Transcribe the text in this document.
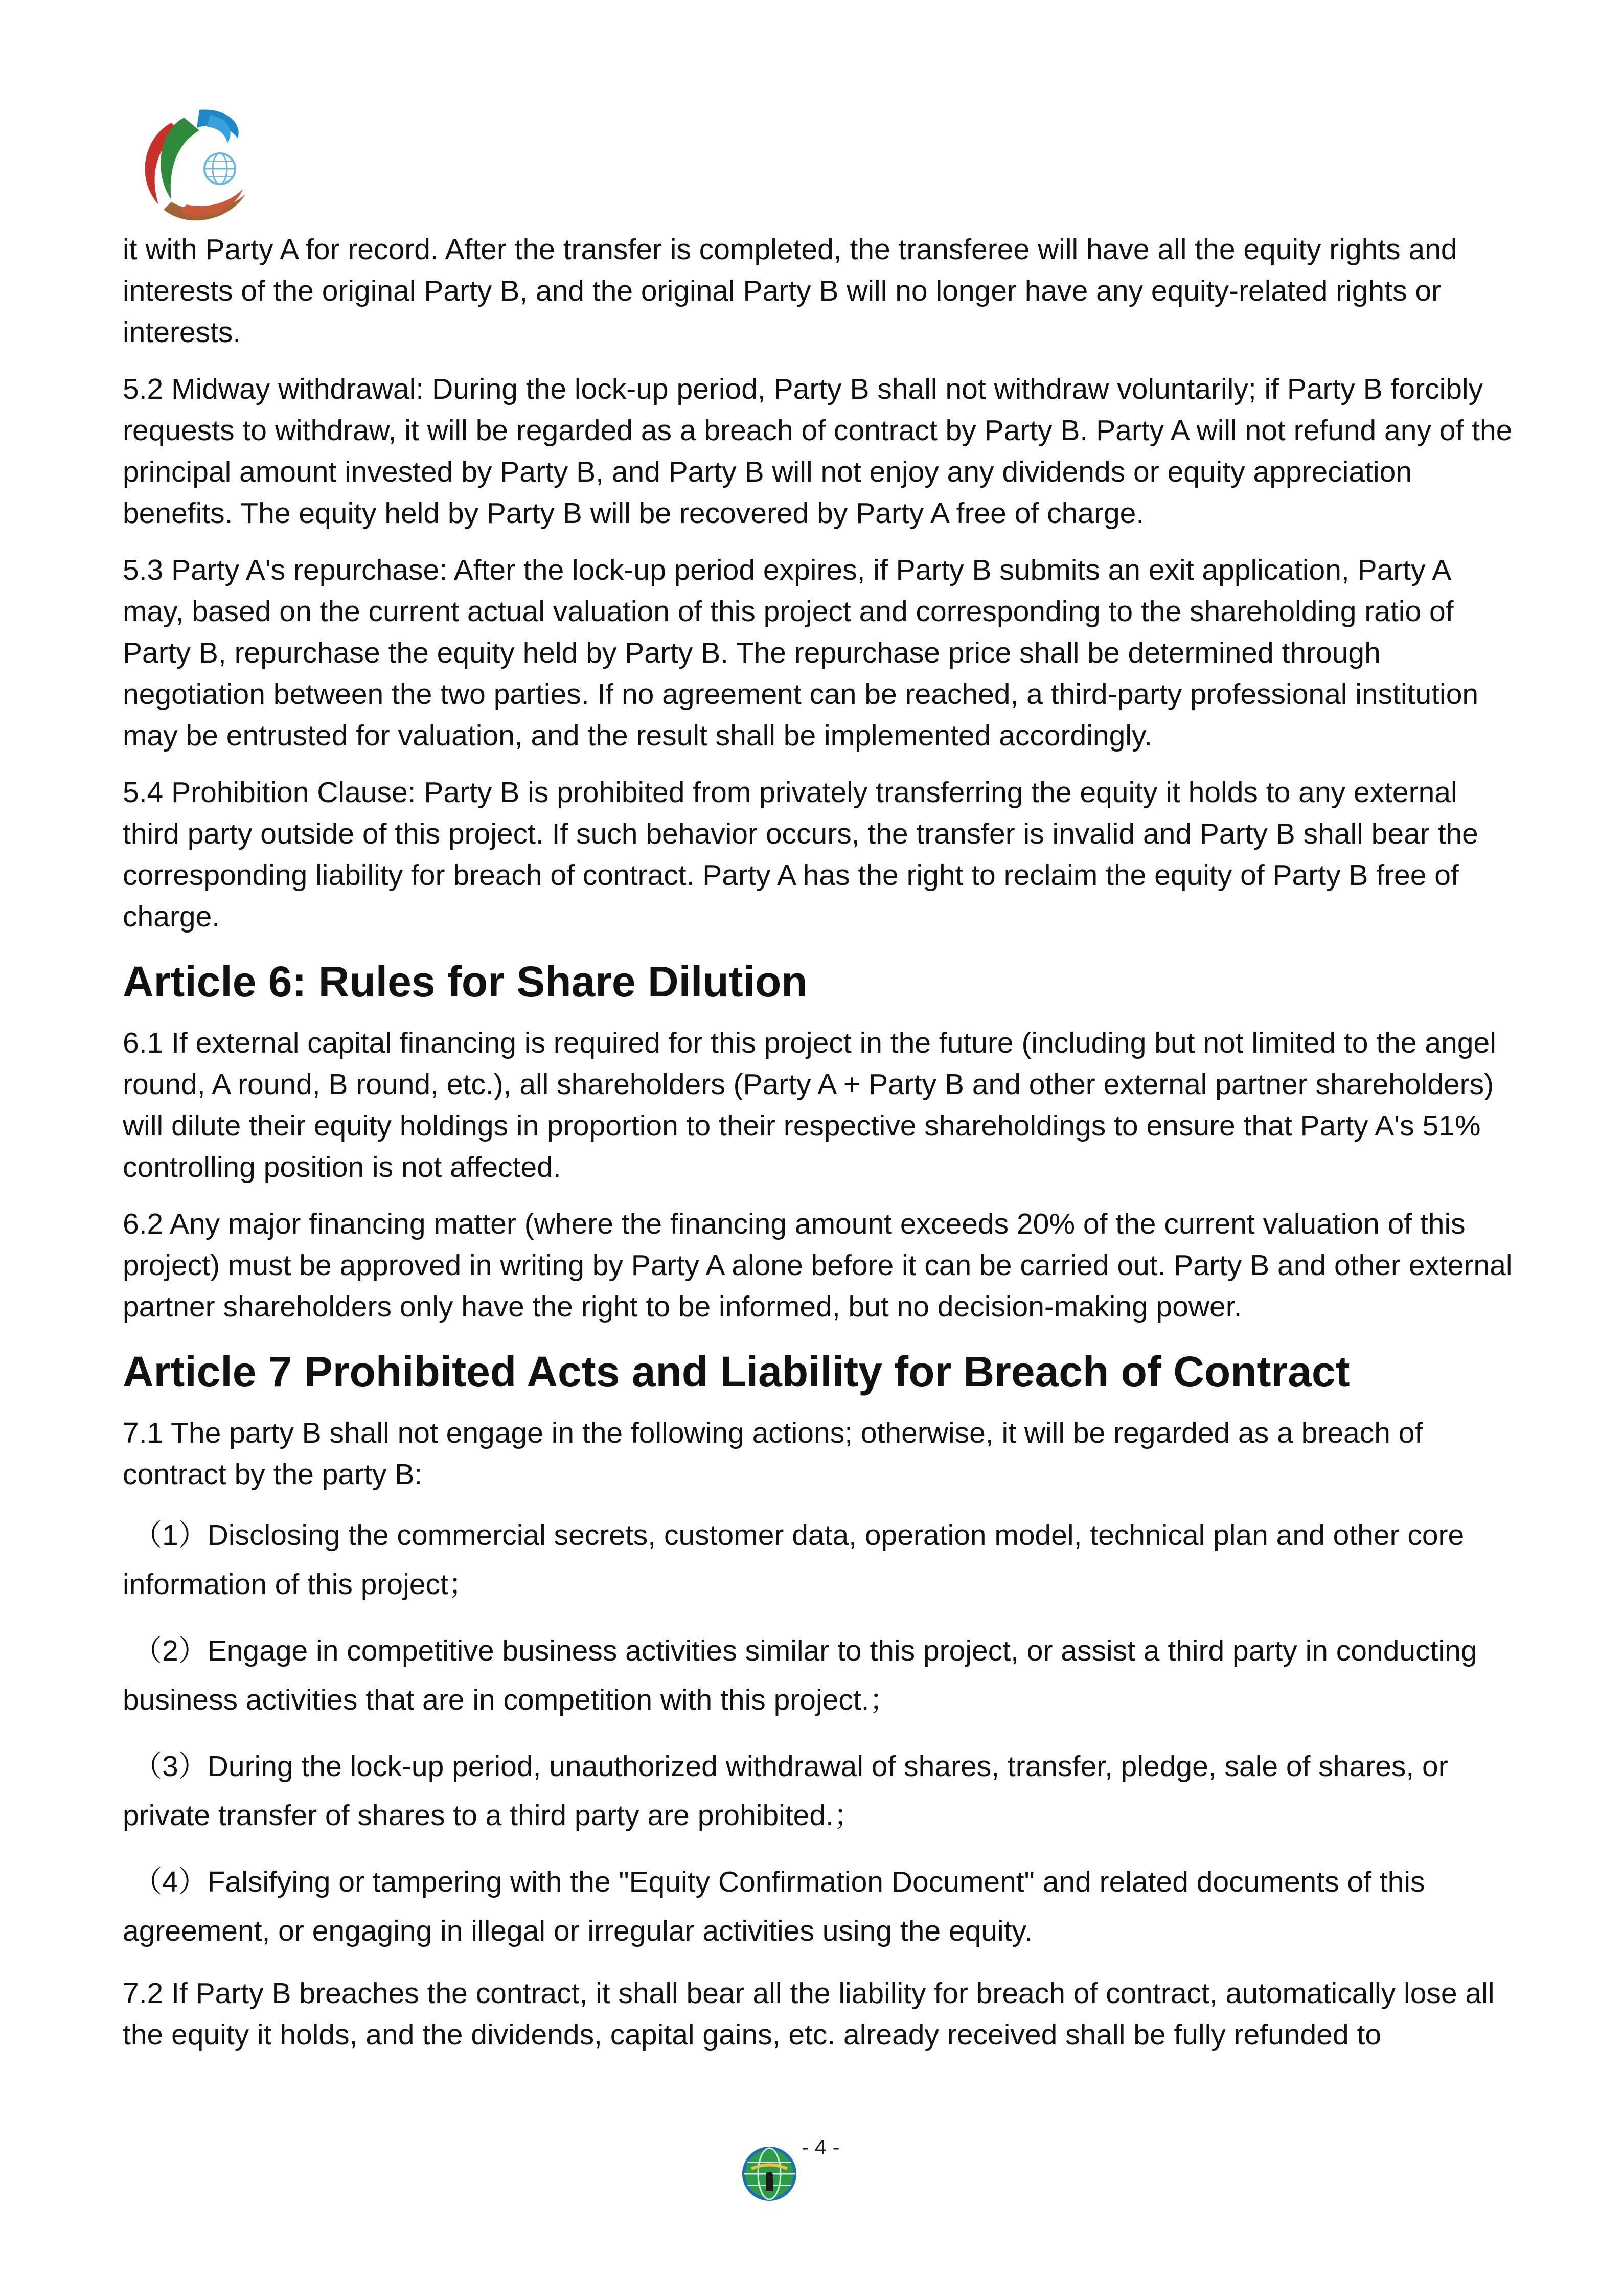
it with Party A for record. After the transfer is completed, the transferee will have all the equity rights and interests of the original Party B, and the original Party B will no longer have any equity-related rights or interests.

5.2 Midway withdrawal: During the lock-up period, Party B shall not withdraw voluntarily; if Party B forcibly requests to withdraw, it will be regarded as a breach of contract by Party B. Party A will not refund any of the principal amount invested by Party B, and Party B will not enjoy any dividends or equity appreciation benefits. The equity held by Party B will be recovered by Party A free of charge.

5.3 Party A's repurchase: After the lock-up period expires, if Party B submits an exit application, Party A may, based on the current actual valuation of this project and corresponding to the shareholding ratio of Party B, repurchase the equity held by Party B. The repurchase price shall be determined through negotiation between the two parties. If no agreement can be reached, a third-party professional institution may be entrusted for valuation, and the result shall be implemented accordingly.

5.4 Prohibition Clause: Party B is prohibited from privately transferring the equity it holds to any external third party outside of this project. If such behavior occurs, the transfer is invalid and Party B shall bear the corresponding liability for breach of contract. Party A has the right to reclaim the equity of Party B free of charge.

Article 6: Rules for Share Dilution

6.1 If external capital financing is required for this project in the future (including but not limited to the angel round, A round, B round, etc.), all shareholders (Party A + Party B and other external partner shareholders) will dilute their equity holdings in proportion to their respective shareholdings to ensure that Party A's 51% controlling position is not affected.

6.2 Any major financing matter (where the financing amount exceeds 20% of the current valuation of this project) must be approved in writing by Party A alone before it can be carried out. Party B and other external partner shareholders only have the right to be informed, but no decision-making power.

Article 7 Prohibited Acts and Liability for Breach of Contract

7.1 The party B shall not engage in the following actions; otherwise, it will be regarded as a breach of contract by the party B:

（1）Disclosing the commercial secrets, customer data, operation model, technical plan and other core information of this project；

（2）Engage in competitive business activities similar to this project, or assist a third party in conducting business activities that are in competition with this project.；

（3）During the lock-up period, unauthorized withdrawal of shares, transfer, pledge, sale of shares, or private transfer of shares to a third party are prohibited.；

（4）Falsifying or tampering with the "Equity Confirmation Document" and related documents of this agreement, or engaging in illegal or irregular activities using the equity.

7.2 If Party B breaches the contract, it shall bear all the liability for breach of contract, automatically lose all the equity it holds, and the dividends, capital gains, etc. already received shall be fully refunded to

- 4 -
